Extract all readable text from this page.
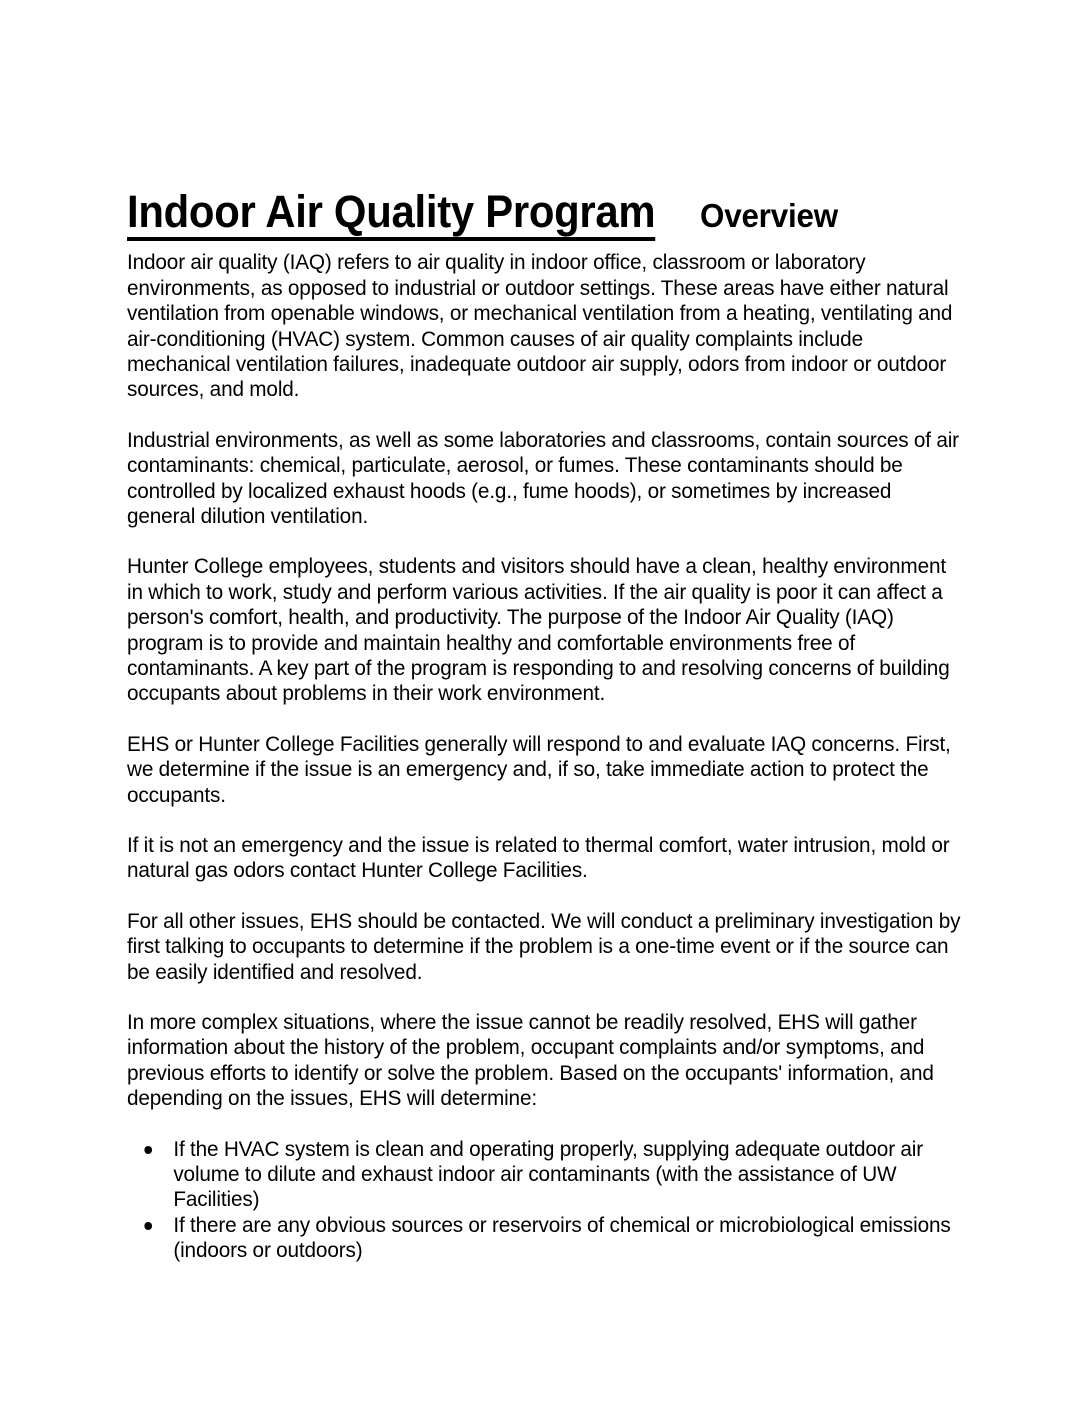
Indoor Air Quality Program Overview

Indoor air quality (IAQ) refers to air quality in indoor office, classroom or laboratory environments, as opposed to industrial or outdoor settings. These areas have either natural ventilation from openable windows, or mechanical ventilation from a heating, ventilating and air-conditioning (HVAC) system. Common causes of air quality complaints include mechanical ventilation failures, inadequate outdoor air supply, odors from indoor or outdoor sources, and mold.

Industrial environments, as well as some laboratories and classrooms, contain sources of air contaminants: chemical, particulate, aerosol, or fumes. These contaminants should be controlled by localized exhaust hoods (e.g., fume hoods), or sometimes by increased general dilution ventilation.

Hunter College employees, students and visitors should have a clean, healthy environment in which to work, study and perform various activities. If the air quality is poor it can affect a person's comfort, health, and productivity. The purpose of the Indoor Air Quality (IAQ) program is to provide and maintain healthy and comfortable environments free of contaminants. A key part of the program is responding to and resolving concerns of building occupants about problems in their work environment.

EHS or Hunter College Facilities generally will respond to and evaluate IAQ concerns. First, we determine if the issue is an emergency and, if so, take immediate action to protect the occupants.

If it is not an emergency and the issue is related to thermal comfort, water intrusion, mold or natural gas odors contact Hunter College Facilities.

For all other issues, EHS should be contacted. We will conduct a preliminary investigation by first talking to occupants to determine if the problem is a one-time event or if the source can be easily identified and resolved.

In more complex situations, where the issue cannot be readily resolved, EHS will gather information about the history of the problem, occupant complaints and/or symptoms, and previous efforts to identify or solve the problem. Based on the occupants' information, and depending on the issues, EHS will determine:

If the HVAC system is clean and operating properly, supplying adequate outdoor air volume to dilute and exhaust indoor air contaminants (with the assistance of UW Facilities)
If there are any obvious sources or reservoirs of chemical or microbiological emissions (indoors or outdoors)
